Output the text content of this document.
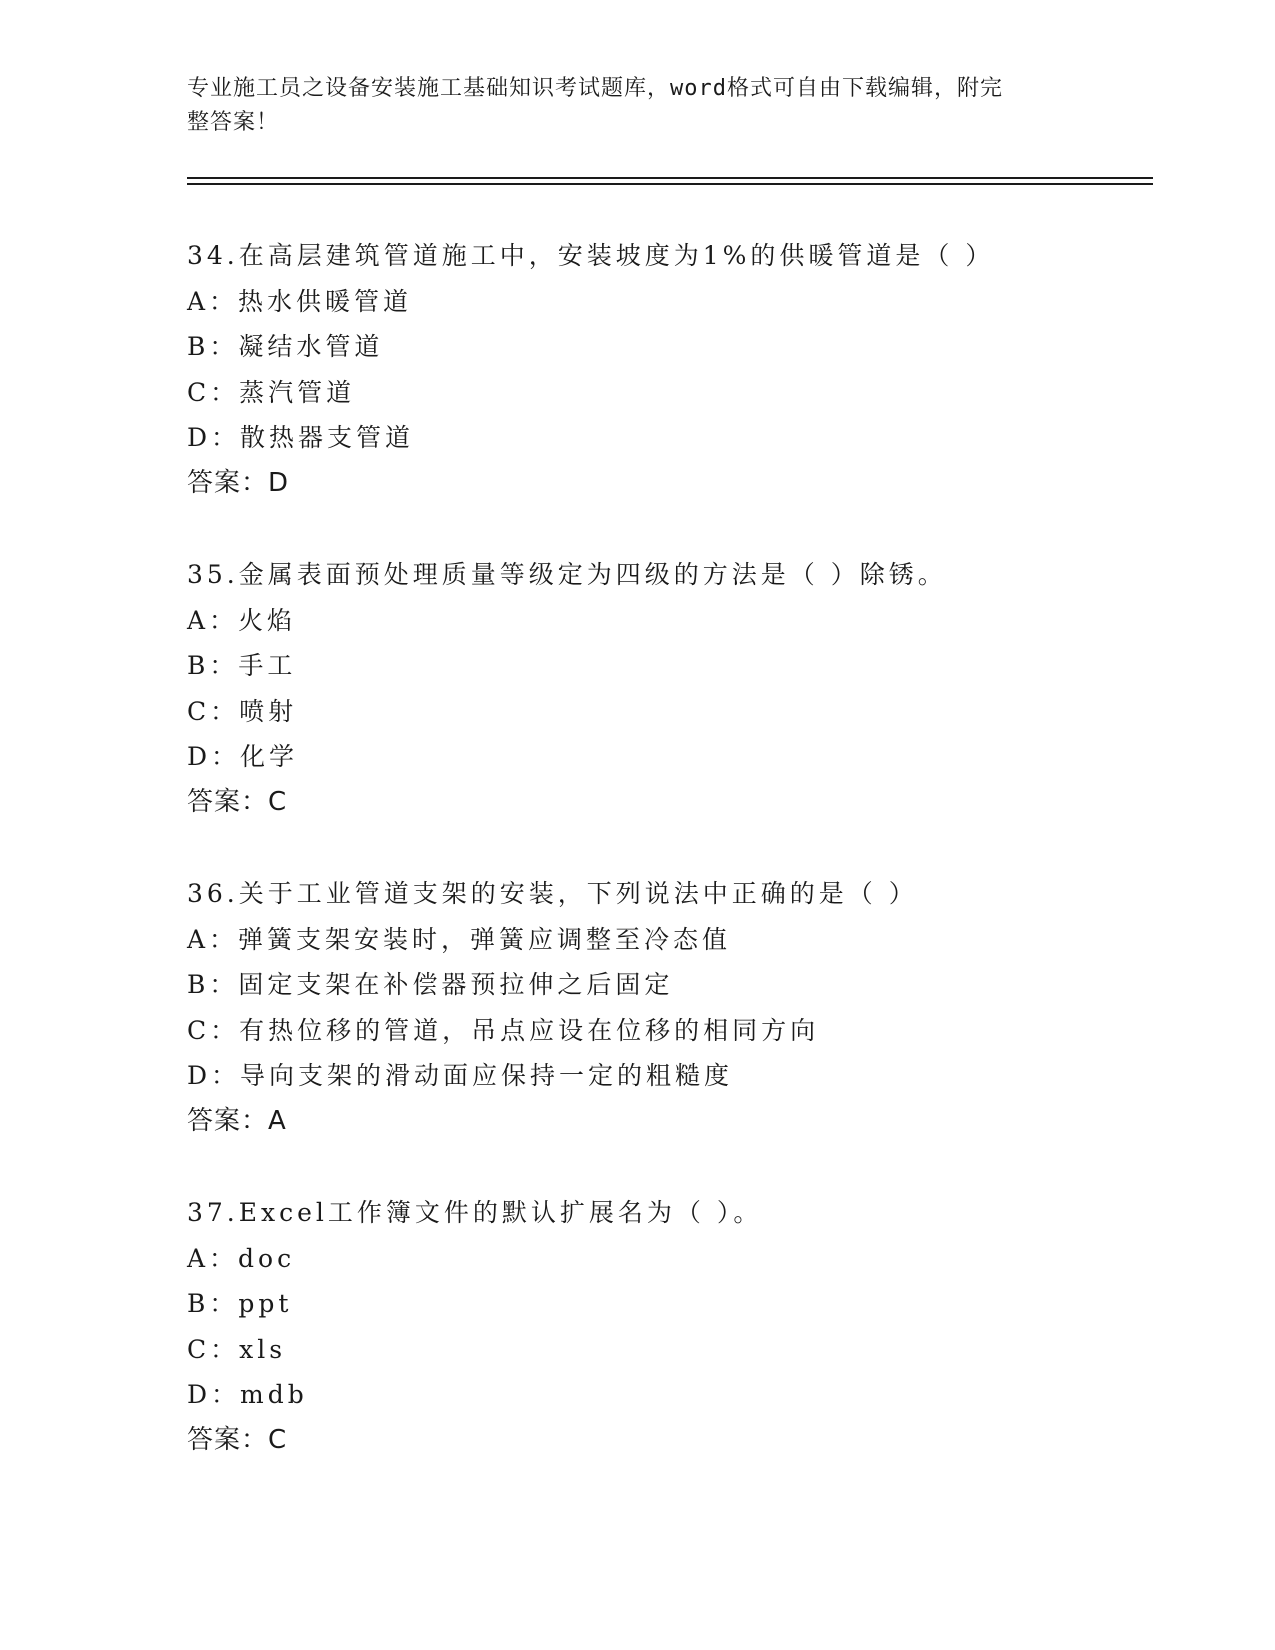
专业施工员之设备安装施工基础知识考试题库，word格式可自由下载编辑，附完
整答案！
34.在高层建筑管道施工中，安装坡度为1%的供暖管道是（ ）
A：热水供暖管道
B：凝结水管道
C：蒸汽管道
D：散热器支管道
答案：D
35.金属表面预处理质量等级定为四级的方法是（ ）除锈。
A：火焰
B：手工
C：喷射
D：化学
答案：C
36.关于工业管道支架的安装，下列说法中正确的是（ ）
A：弹簧支架安装时，弹簧应调整至冷态值
B：固定支架在补偿器预拉伸之后固定
C：有热位移的管道，吊点应设在位移的相同方向
D：导向支架的滑动面应保持一定的粗糙度
答案：A
37.Excel工作簿文件的默认扩展名为（ ）。
A：doc
B：ppt
C：xls
D：mdb
答案：C
